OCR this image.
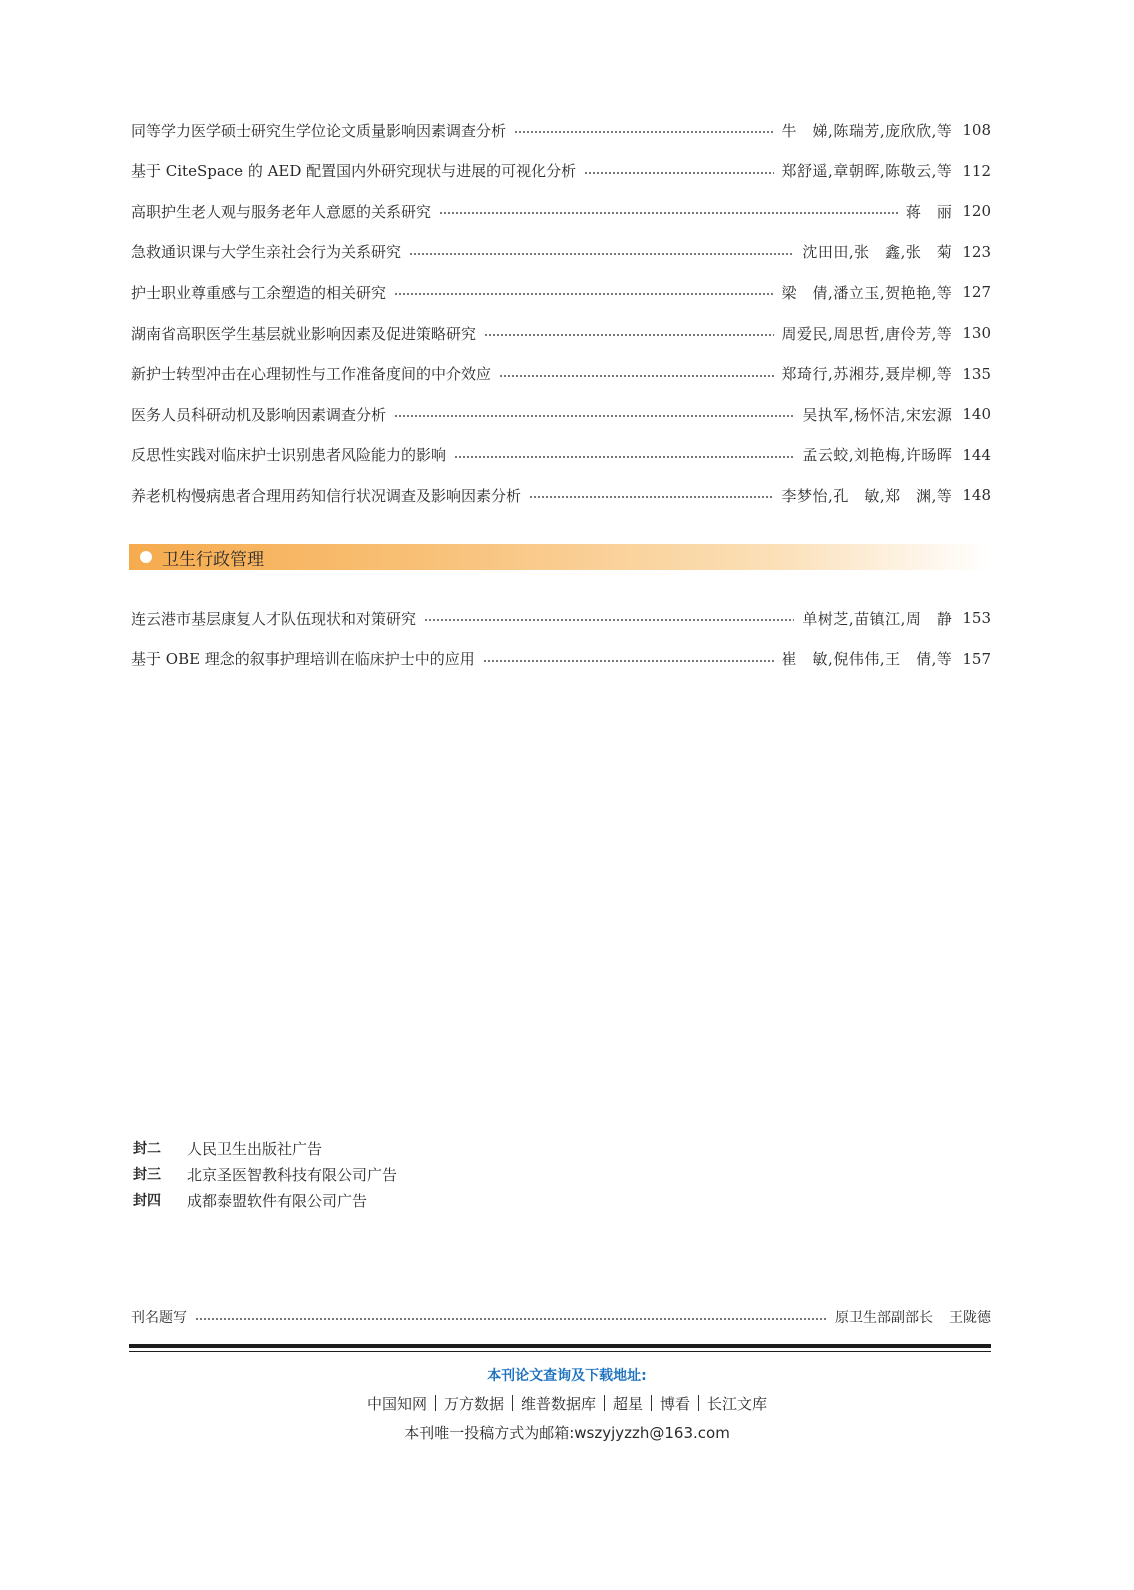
同等学力医学硕士研究生学位论文质量影响因素调查分析	牛　娣,陈瑞芳,庞欣欣,等 108
基于 CiteSpace 的 AED 配置国内外研究现状与进展的可视化分析	郑舒遥,章朝晖,陈敬云,等 112
高职护生老人观与服务老年人意愿的关系研究	蒋　丽 120
急救通识课与大学生亲社会行为关系研究	沈田田,张　鑫,张　菊 123
护士职业尊重感与工余塑造的相关研究	梁　倩,潘立玉,贺艳艳,等 127
湖南省高职医学生基层就业影响因素及促进策略研究	周爱民,周思哲,唐伶芳,等 130
新护士转型冲击在心理韧性与工作准备度间的中介效应	郑琦行,苏湘芬,聂岸柳,等 135
医务人员科研动机及影响因素调查分析	吴执军,杨怀洁,宋宏源 140
反思性实践对临床护士识别患者风险能力的影响	孟云蛟,刘艳梅,许旸晖 144
养老机构慢病患者合理用药知信行状况调查及影响因素分析	李梦怡,孔　敏,郑　渊,等 148
卫生行政管理
连云港市基层康复人才队伍现状和对策研究	单树芝,苗镇江,周　静 153
基于 OBE 理念的叙事护理培训在临床护士中的应用	崔　敏,倪伟伟,王　倩,等 157
封二	人民卫生出版社广告
封三	北京圣医智教科技有限公司广告
封四	成都泰盟软件有限公司广告
刊名题写	原卫生部副部长 王陇德
本刊论文查询及下载地址:
中国知网 万方数据 维普数据库 超星 博看 长江文库
本刊唯一投稿方式为邮箱:wszyjyzzh@163.com
